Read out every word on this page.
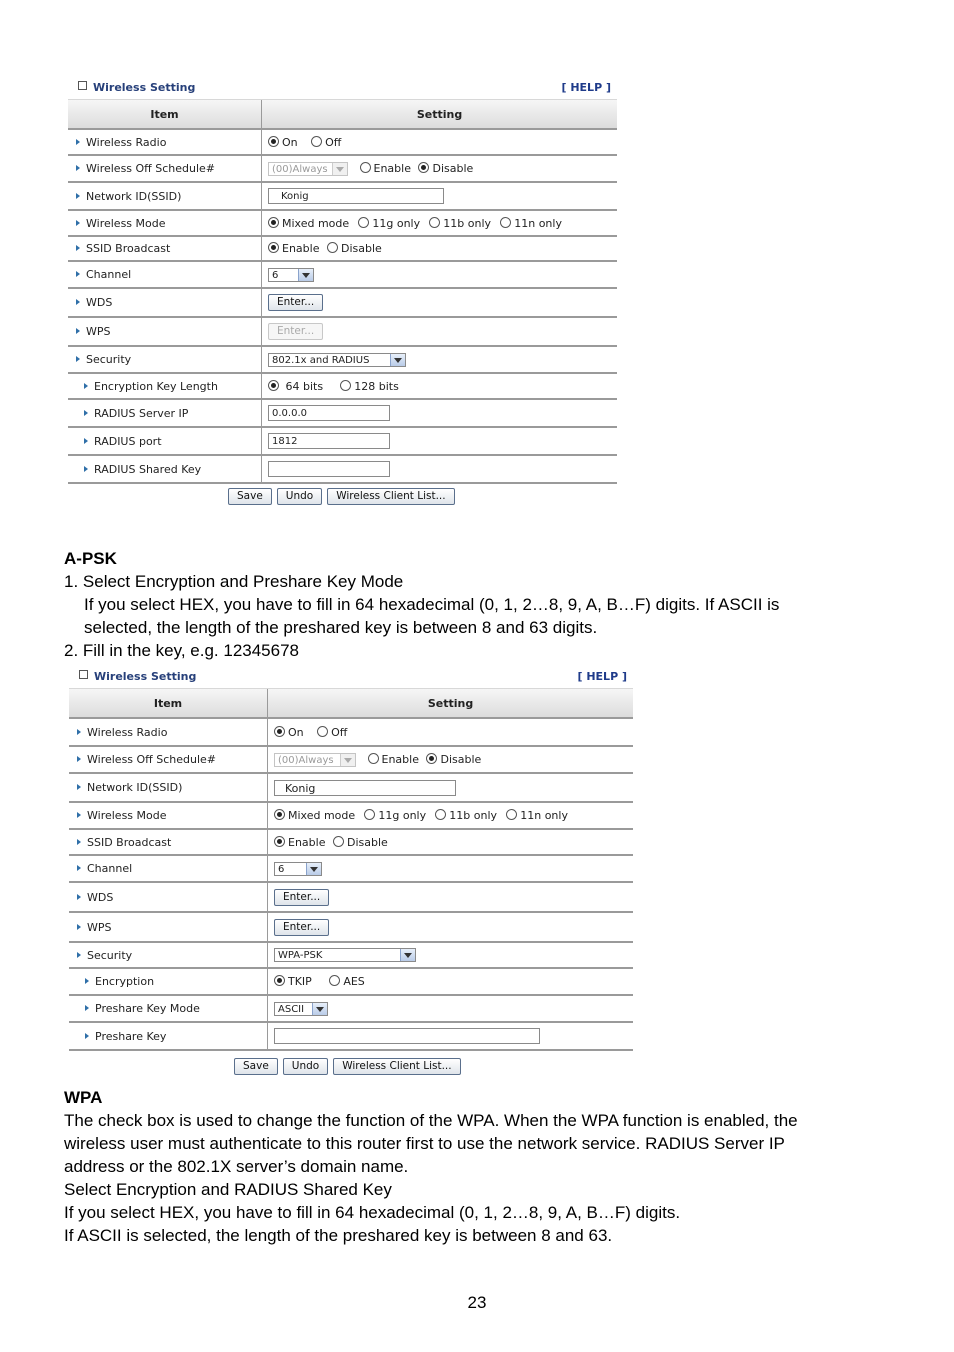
Wireless Setting	[ HELP ]
Item	Setting
Wireless Radio	On Off
Wireless Off Schedule#	(00)Always Enable Disable
Network ID(SSID)	Konig
Wireless Mode	Mixed mode 11g only 11b only 11n only
SSID Broadcast	Enable Disable
Channel	6

WDS	Enter...
WPS	Enter...
Security	802.1x and RADIUS

Encryption Key Length	64 bits 128 bits
RADIUS Server IP	0.0.0.0
RADIUS port	1812
RADIUS Shared Key	
Save Undo Wireless Client List...

A-PSK

1. Select Encryption and Preshare Key Mode

If you select HEX, you have to fill in 64 hexadecimal (0, 1, 2…8, 9, A, B…F) digits. If ASCII is

selected, the length of the preshared key is between 8 and 63 digits.

2. Fill in the key, e.g. 12345678

Wireless Setting	[ HELP ]
Item	Setting
Wireless Radio	On Off
Wireless Off Schedule#	(00)Always Enable Disable
Network ID(SSID)	Konig
Wireless Mode	Mixed mode 11g only 11b only 11n only
SSID Broadcast	Enable Disable
Channel	6

WDS	Enter...
WPS	Enter...
Security	WPA-PSK

Encryption	TKIP AES
Preshare Key Mode	ASCII

Preshare Key	
Save Undo Wireless Client List...

WPA

The check box is used to change the function of the WPA. When the WPA function is enabled, the

wireless user must authenticate to this router first to use the network service. RADIUS Server IP

address or the 802.1X server’s domain name.

Select Encryption and RADIUS Shared Key

If you select HEX, you have to fill in 64 hexadecimal (0, 1, 2…8, 9, A, B…F) digits.

If ASCII is selected, the length of the preshared key is between 8 and 63.

23
